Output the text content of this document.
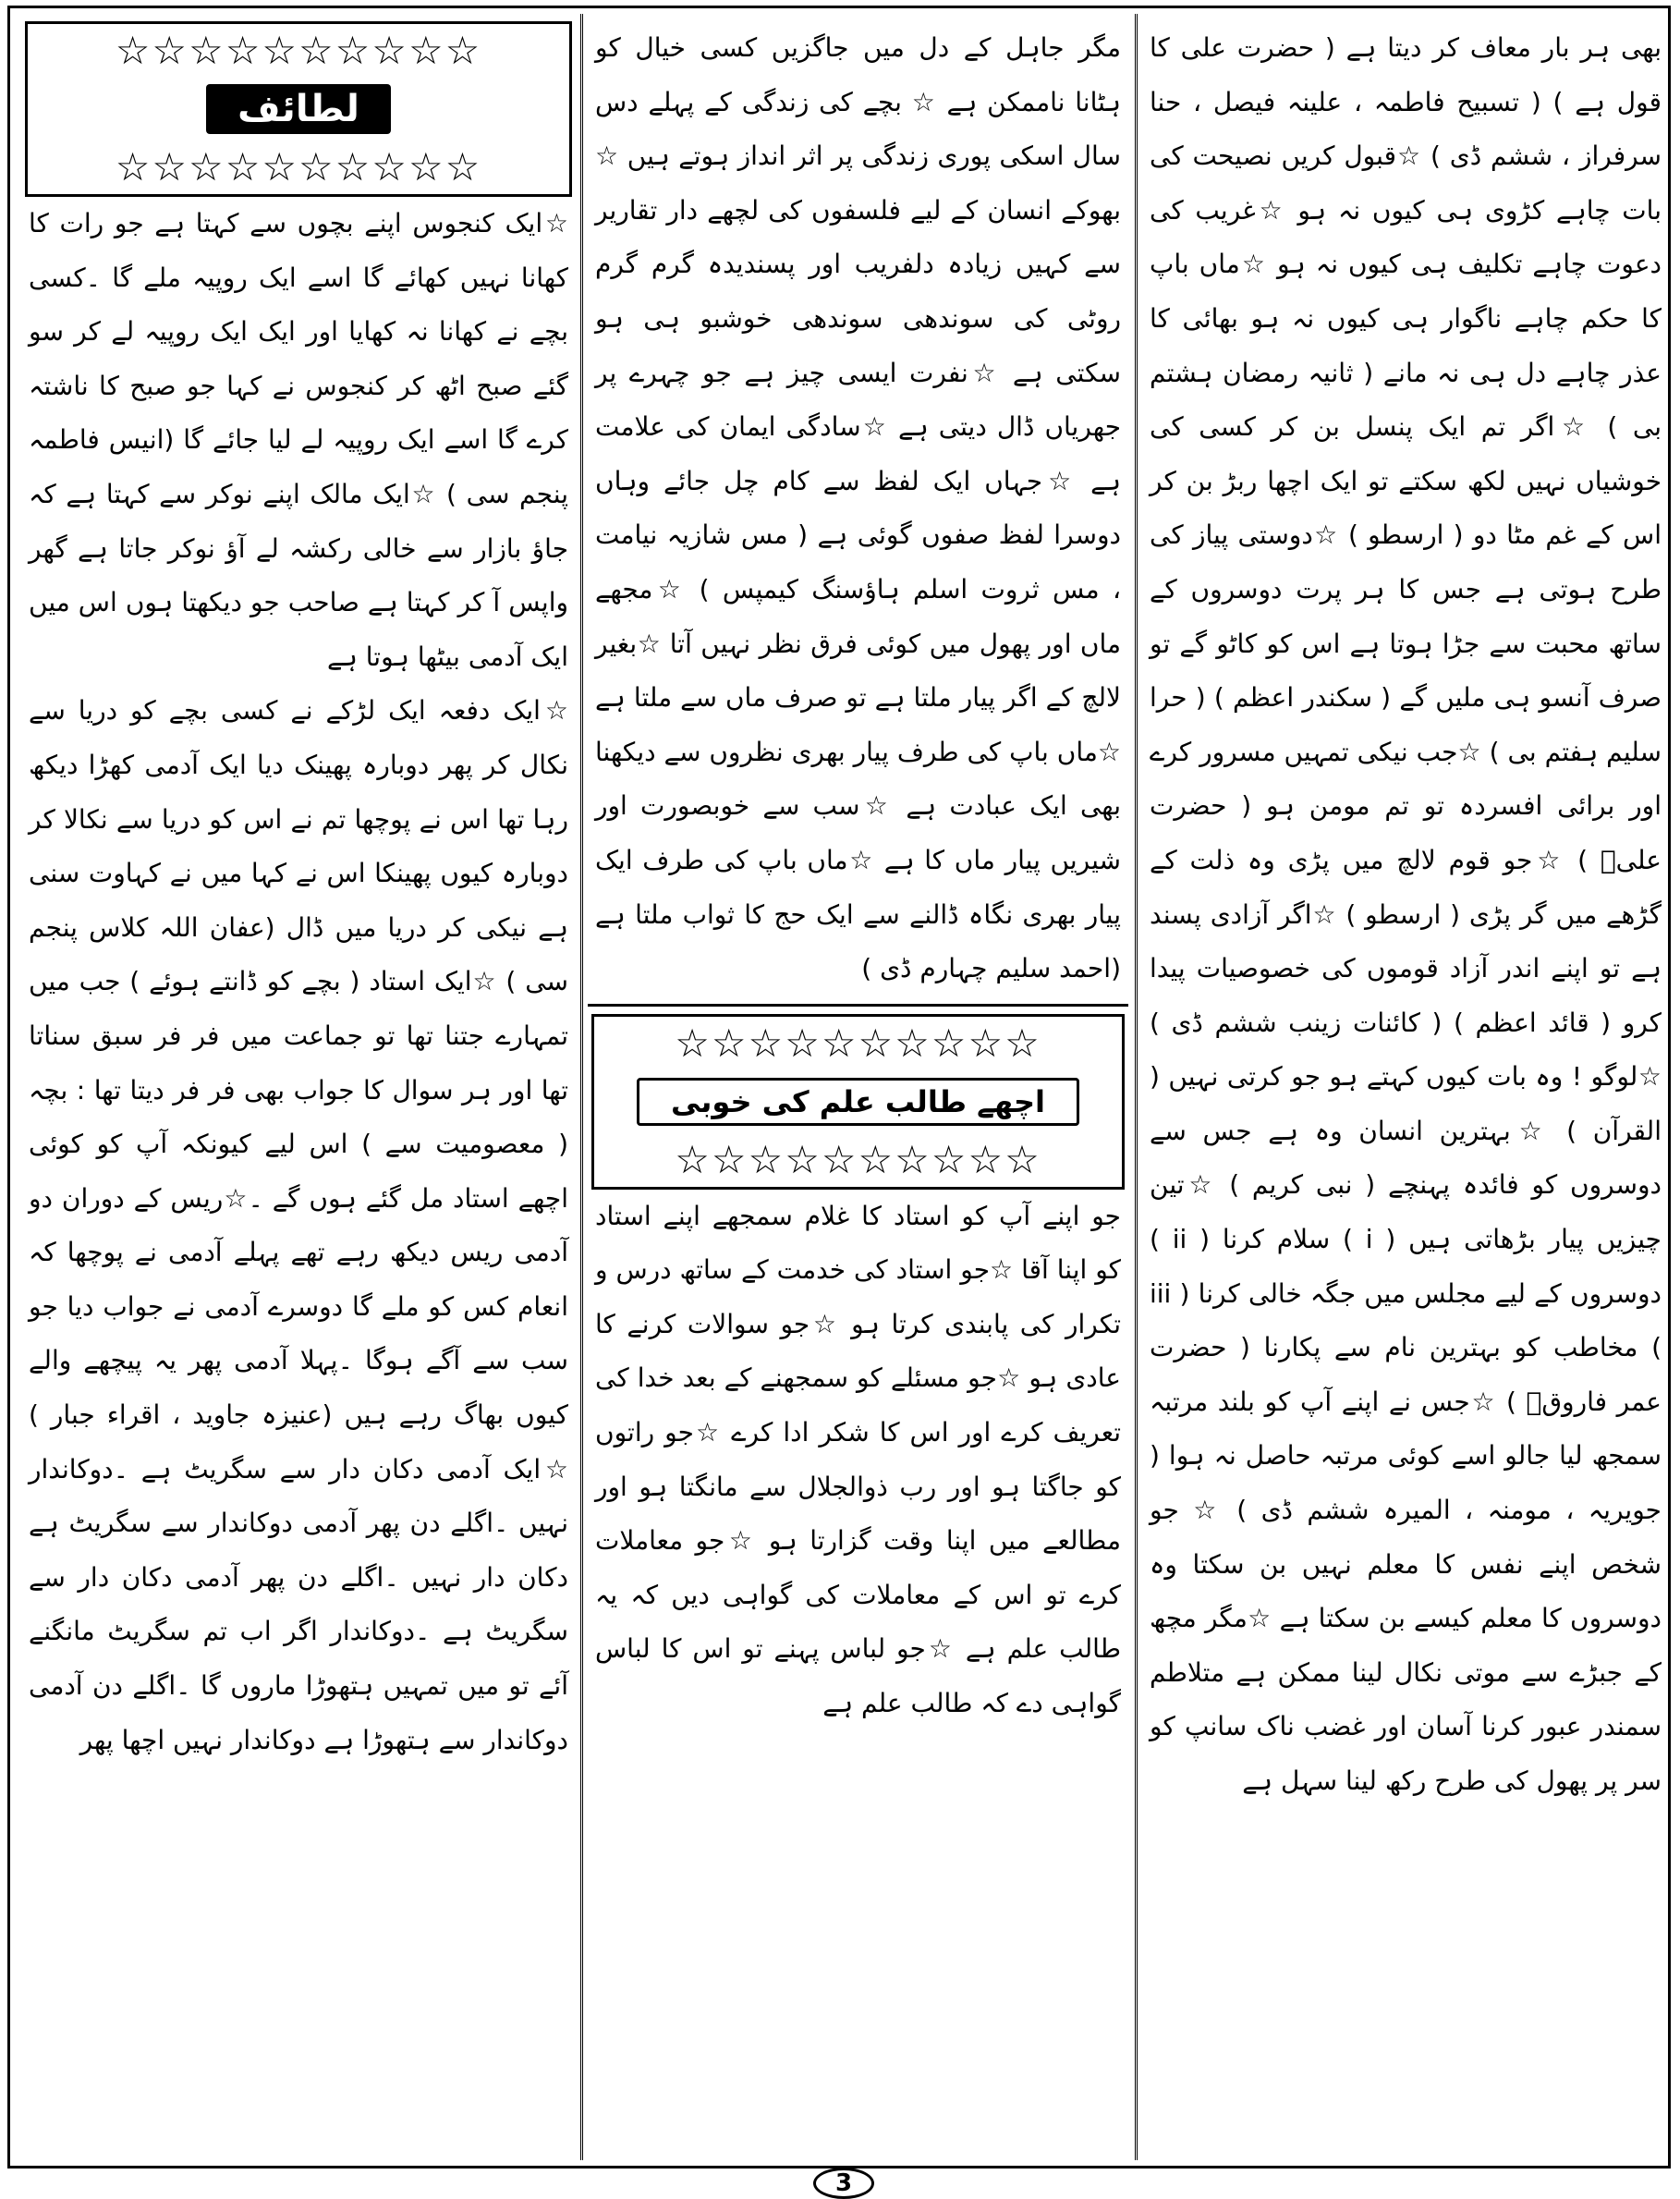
☆☆☆☆☆☆☆☆☆☆
لطائف
☆☆☆☆☆☆☆☆☆☆

☆ایک کنجوس اپنے بچوں سے کہتا ہے جو رات کا کھانا نہیں کھائے گا اسے ایک روپیہ ملے گا ۔کسی بچے نے کھانا نہ کھایا اور ایک ایک روپیہ لے کر سو گئے صبح اٹھ کر کنجوس نے کہا جو صبح کا ناشتہ کرے گا اسے ایک روپیہ لے لیا جائے گا (انیس فاطمہ پنجم سی ) ☆ایک مالک اپنے نوکر سے کہتا ہے کہ جاؤ بازار سے خالی رکشہ لے آؤ نوکر جاتا ہے گھر واپس آ کر کہتا ہے صاحب جو دیکھتا ہوں اس میں ایک آدمی بیٹھا ہوتا ہے

☆ایک دفعہ ایک لڑکے نے کسی بچے کو دریا سے نکال کر پھر دوبارہ پھینک دیا ایک آدمی کھڑا دیکھ رہا تھا اس نے پوچھا تم نے اس کو دریا سے نکالا کر دوبارہ کیوں پھینکا اس نے کہا میں نے کہاوت سنی ہے نیکی کر دریا میں ڈال (عفان اللہ کلاس پنجم سی ) ☆ایک استاد ( بچے کو ڈانتے ہوئے ) جب میں تمہارے جتنا تھا تو جماعت میں فر فر سبق سناتا تھا اور ہر سوال کا جواب بھی فر فر دیتا تھا : بچہ ( معصومیت سے ) اس لیے کیونکہ آپ کو کوئی اچھے استاد مل گئے ہوں گے ۔☆ریس کے دوران دو آدمی ریس دیکھ رہے تھے پہلے آدمی نے پوچھا کہ انعام کس کو ملے گا دوسرے آدمی نے جواب دیا جو سب سے آگے ہوگا ۔پہلا آدمی پھر یہ پیچھے والے کیوں بھاگ رہے ہیں (عنیزہ جاوید ، اقراء جبار ) ☆ایک آدمی دکان دار سے سگریٹ ہے ۔دوکاندار نہیں ۔اگلے دن پھر آدمی دوکاندار سے سگریٹ ہے دکان دار نہیں ۔اگلے دن پھر آدمی دکان دار سے سگریٹ ہے ۔دوکاندار اگر اب تم سگریٹ مانگنے آئے تو میں تمہیں ہتھوڑا ماروں گا ۔اگلے دن آدمی دوکاندار سے ہتھوڑا ہے دوکاندار نہیں اچھا پھر

مگر جاہل کے دل میں جاگزیں کسی خیال کو ہٹانا ناممکن ہے ☆ بچے کی زندگی کے پہلے دس سال اسکی پوری زندگی پر اثر انداز ہوتے ہیں ☆ بھوکے انسان کے لیے فلسفوں کی لچھے دار تقاریر سے کہیں زیادہ دلفریب اور پسندیدہ گرم گرم روٹی کی سوندھی سوندھی خوشبو ہی ہو سکتی ہے ☆نفرت ایسی چیز ہے جو چہرے پر جھریاں ڈال دیتی ہے ☆سادگی ایمان کی علامت ہے ☆جہاں ایک لفظ سے کام چل جائے وہاں دوسرا لفظ صفوں گوئی ہے ( مس شازیہ نیامت ، مس ثروت اسلم ہاؤسنگ کیمپس ) ☆مجھے ماں اور پھول میں کوئی فرق نظر نہیں آتا ☆بغیر لالچ کے اگر پیار ملتا ہے تو صرف ماں سے ملتا ہے ☆ماں باپ کی طرف پیار بھری نظروں سے دیکھنا بھی ایک عبادت ہے ☆سب سے خوبصورت اور شیریں پیار ماں کا ہے ☆ماں باپ کی طرف ایک پیار بھری نگاہ ڈالنے سے ایک حج کا ثواب ملتا ہے (احمد سلیم چہارم ڈی )

☆☆☆☆☆☆☆☆☆☆
اچھے طالب علم کی خوبی
☆☆☆☆☆☆☆☆☆☆

جو اپنے آپ کو استاد کا غلام سمجھے اپنے استاد کو اپنا آقا ☆جو استاد کی خدمت کے ساتھ درس و تکرار کی پابندی کرتا ہو ☆جو سوالات کرنے کا عادی ہو ☆جو مسئلے کو سمجھنے کے بعد خدا کی تعریف کرے اور اس کا شکر ادا کرے ☆جو راتوں کو جاگتا ہو اور رب ذوالجلال سے مانگتا ہو اور مطالعے میں اپنا وقت گزارتا ہو ☆جو معاملات کرے تو اس کے معاملات کی گواہی دیں کہ یہ طالب علم ہے ☆جو لباس پہنے تو اس کا لباس گواہی دے کہ طالب علم ہے

بھی ہر بار معاف کر دیتا ہے ( حضرت علی کا قول ہے ) ( تسبیح فاطمہ ، علینہ فیصل ، حنا سرفراز ، ششم ڈی ) ☆قبول کریں نصیحت کی بات چاہے کڑوی ہی کیوں نہ ہو ☆غریب کی دعوت چاہے تکلیف ہی کیوں نہ ہو ☆ماں باپ کا حکم چاہے ناگوار ہی کیوں نہ ہو بھائی کا عذر چاہے دل ہی نہ مانے ( ثانیہ رمضان ہشتم بی ) ☆اگر تم ایک پنسل بن کر کسی کی خوشیاں نہیں لکھ سکتے تو ایک اچھا ربڑ بن کر اس کے غم مٹا دو ( ارسطو ) ☆دوستی پیاز کی طرح ہوتی ہے جس کا ہر پرت دوسروں کے ساتھ محبت سے جڑا ہوتا ہے اس کو کاٹو گے تو صرف آنسو ہی ملیں گے ( سکندر اعظم ) ( حرا سلیم ہفتم بی ) ☆جب نیکی تمہیں مسرور کرے اور برائی افسردہ تو تم مومن ہو ( حضرت علیؓ ) ☆جو قوم لالچ میں پڑی وہ ذلت کے گڑھے میں گر پڑی ( ارسطو ) ☆اگر آزادی پسند ہے تو اپنے اندر آزاد قوموں کی خصوصیات پیدا کرو ( قائد اعظم ) ( کائنات زینب ششم ڈی ) ☆لوگو ! وہ بات کیوں کہتے ہو جو کرتی نہیں ( القرآن ) ☆بہترین انسان وہ ہے جس سے دوسروں کو فائدہ پہنچے ( نبی کریم ) ☆تین چیزیں پیار بڑھاتی ہیں ( i ) سلام کرنا ( ii ) دوسروں کے لیے مجلس میں جگہ خالی کرنا ( iii ) مخاطب کو بہترین نام سے پکارنا ( حضرت عمر فاروقؓ ) ☆جس نے اپنے آپ کو بلند مرتبہ سمجھ لیا جالو اسے کوئی مرتبہ حاصل نہ ہوا ( جویریہ ، مومنہ ، المیرہ ششم ڈی ) ☆ جو شخص اپنے نفس کا معلم نہیں بن سکتا وہ دوسروں کا معلم کیسے بن سکتا ہے ☆مگر مچھ کے جبڑے سے موتی نکال لینا ممکن ہے متلاطم سمندر عبور کرنا آسان اور غضب ناک سانپ کو سر پر پھول کی طرح رکھ لینا سہل ہے

3
